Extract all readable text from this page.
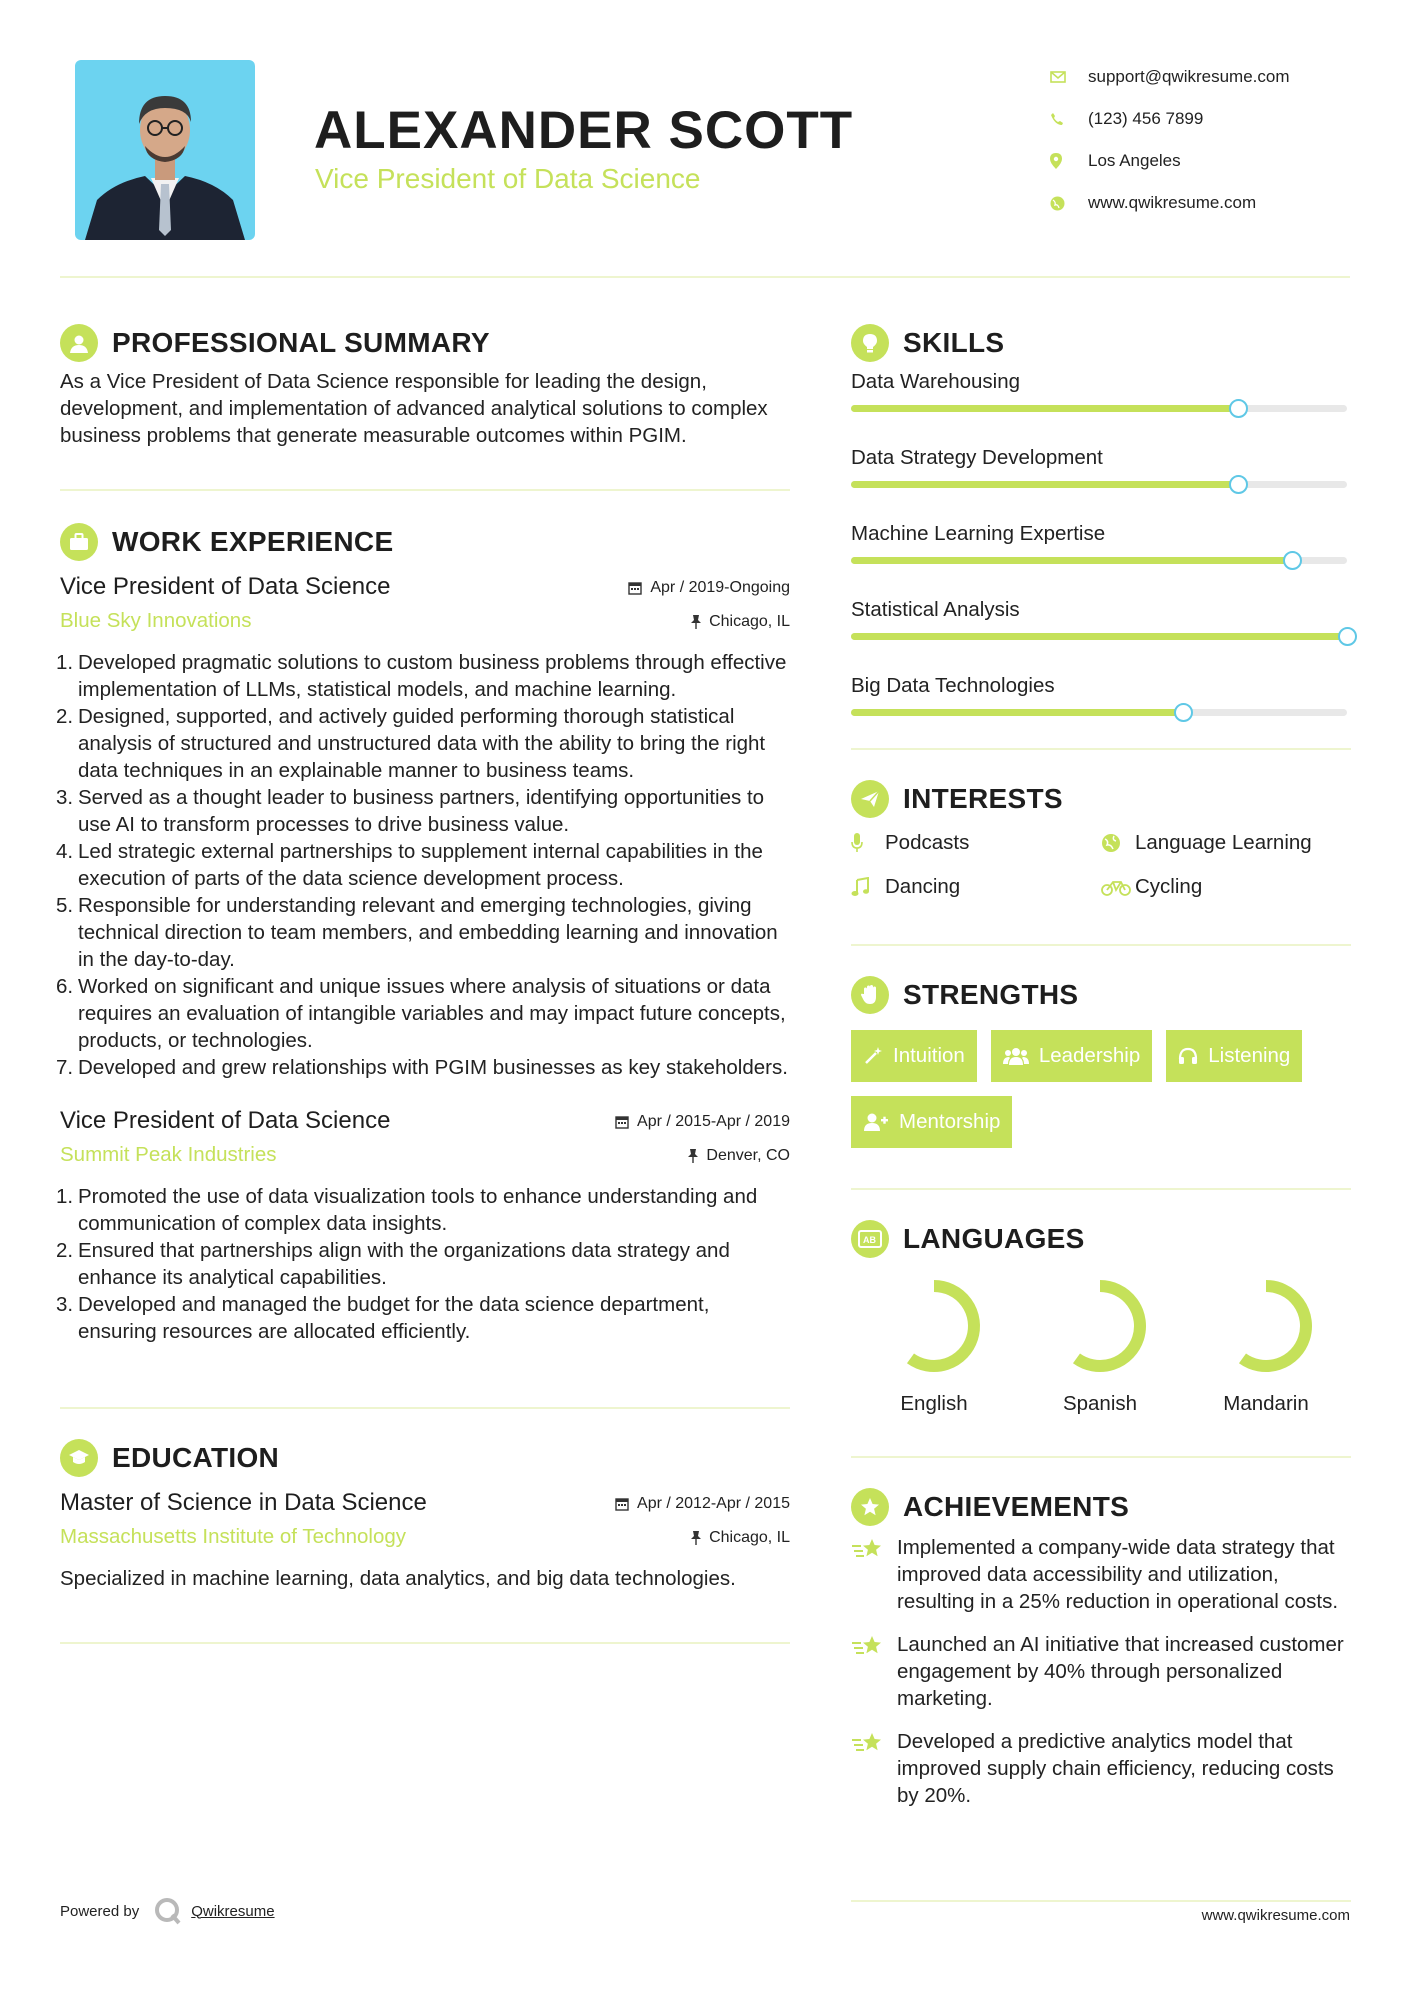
ALEXANDER SCOTT
Vice President of Data Science
support@qwikresume.com
(123) 456 7899
Los Angeles
www.qwikresume.com
PROFESSIONAL SUMMARY

As a Vice President of Data Science responsible for leading the design, development, and implementation of advanced analytical solutions to complex business problems that generate measurable outcomes within PGIM.

WORK EXPERIENCE
Vice President of Data Science	Apr / 2019-Ongoing
Blue Sky Innovations	Chicago, IL
1. Developed pragmatic solutions to custom business problems through effective implementation of LLMs, statistical models, and machine learning.
2. Designed, supported, and actively guided performing thorough statistical analysis of structured and unstructured data with the ability to bring the right data techniques in an explainable manner to business teams.
3. Served as a thought leader to business partners, identifying opportunities to use AI to transform processes to drive business value.
4. Led strategic external partnerships to supplement internal capabilities in the execution of parts of the data science development process.
5. Responsible for understanding relevant and emerging technologies, giving technical direction to team members, and embedding learning and innovation in the day-to-day.
6. Worked on significant and unique issues where analysis of situations or data requires an evaluation of intangible variables and may impact future concepts, products, or technologies.
7. Developed and grew relationships with PGIM businesses as key stakeholders.
Vice President of Data Science	Apr / 2015-Apr / 2019
Summit Peak Industries	Denver, CO
1. Promoted the use of data visualization tools to enhance understanding and communication of complex data insights.
2. Ensured that partnerships align with the organizations data strategy and enhance its analytical capabilities.
3. Developed and managed the budget for the data science department, ensuring resources are allocated efficiently.
EDUCATION
Master of Science in Data Science	Apr / 2012-Apr / 2015
Massachusetts Institute of Technology	Chicago, IL

Specialized in machine learning, data analytics, and big data technologies.

SKILLS
Data Warehousing
Data Strategy Development
Machine Learning Expertise
Statistical Analysis
Big Data Technologies
INTERESTS
Podcasts	Language Learning
Dancing	Cycling
STRENGTHS
Intuition	Leadership	Listening
Mentorship
AB LANGUAGES
English	Spanish	Mandarin
ACHIEVEMENTS
Implemented a company-wide data strategy that improved data accessibility and utilization, resulting in a 25% reduction in operational costs.
Launched an AI initiative that increased customer engagement by 40% through personalized marketing.
Developed a predictive analytics model that improved supply chain efficiency, reducing costs by 20%.
Powered by	Qwikresume	www.qwikresume.com
